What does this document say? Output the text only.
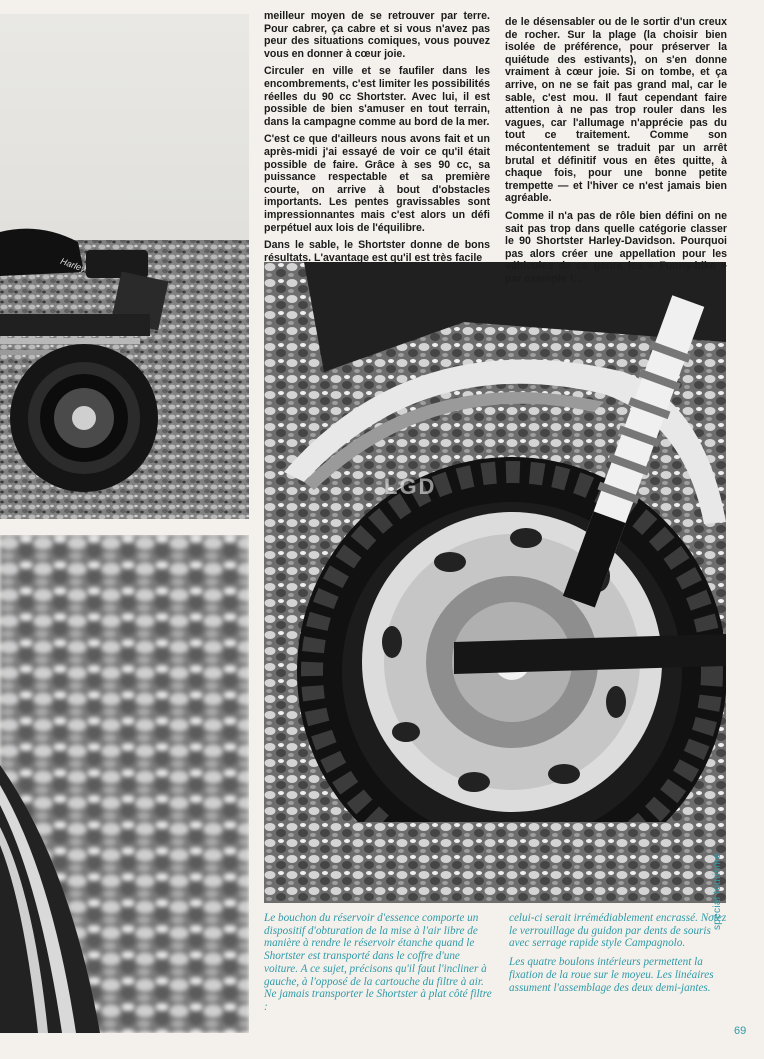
Harley
LGD

meilleur moyen de se retrouver par terre. Pour cabrer, ça cabre et si vous n'avez pas peur des situations comiques, vous pouvez vous en donner à cœur joie.

Circuler en ville et se faufiler dans les encombrements, c'est limiter les possibilités réelles du 90 cc Shortster. Avec lui, il est possible de bien s'amuser en tout terrain, dans la campagne comme au bord de la mer.

C'est ce que d'ailleurs nous avons fait et un après-midi j'ai essayé de voir ce qu'il était possible de faire. Grâce à ses 90 cc, sa puissance respectable et sa première courte, on arrive à bout d'obstacles importants. Les pentes gravissables sont impressionnantes mais c'est alors un défi perpétuel aux lois de l'équilibre.

Dans le sable, le Shortster donne de bons résultats. L'avantage est qu'il est très facile

de le désensabler ou de le sortir d'un creux de rocher. Sur la plage (la choisir bien isolée de préférence, pour préserver la quiétude des estivants), on s'en donne vraiment à cœur joie. Si on tombe, et ça arrive, on ne se fait pas grand mal, car le sable, c'est mou. Il faut cependant faire attention à ne pas trop rouler dans les vagues, car l'allumage n'apprécie pas du tout ce traitement. Comme son mécontentement se traduit par un arrêt brutal et définitif vous en êtes quitte, à chaque fois, pour une bonne petite trempette — et l'hiver ce n'est jamais bien agréable.

Comme il n'a pas de rôle bien défini on ne sait pas trop dans quelle catégorie classer le 90 Shortster Harley-Davidson. Pourquoi pas alors créer une appellation pour les véhicules de ce genre les « Funny-bike » par exemple !...

Le bouchon du réservoir d'essence comporte un dispositif d'obturation de la mise à l'air libre de manière à rendre le réservoir étanche quand le Shortster est transporté dans le coffre d'une voiture. A ce sujet, précisons qu'il faut l'incliner à gauche, à l'opposé de la cartouche du filtre à air. Ne jamais transporter le Shortster à plat côté filtre :

celui-ci serait irrémédiablement encrassé. Notez le verrouillage du guidon par dents de souris avec serrage rapide style Campagnolo.

Les quatre boulons intérieurs permettent la fixation de la roue sur le moyeu. Les linéaires assument l'assemblage des deux demi-jantes.

spécial tourisme
69
